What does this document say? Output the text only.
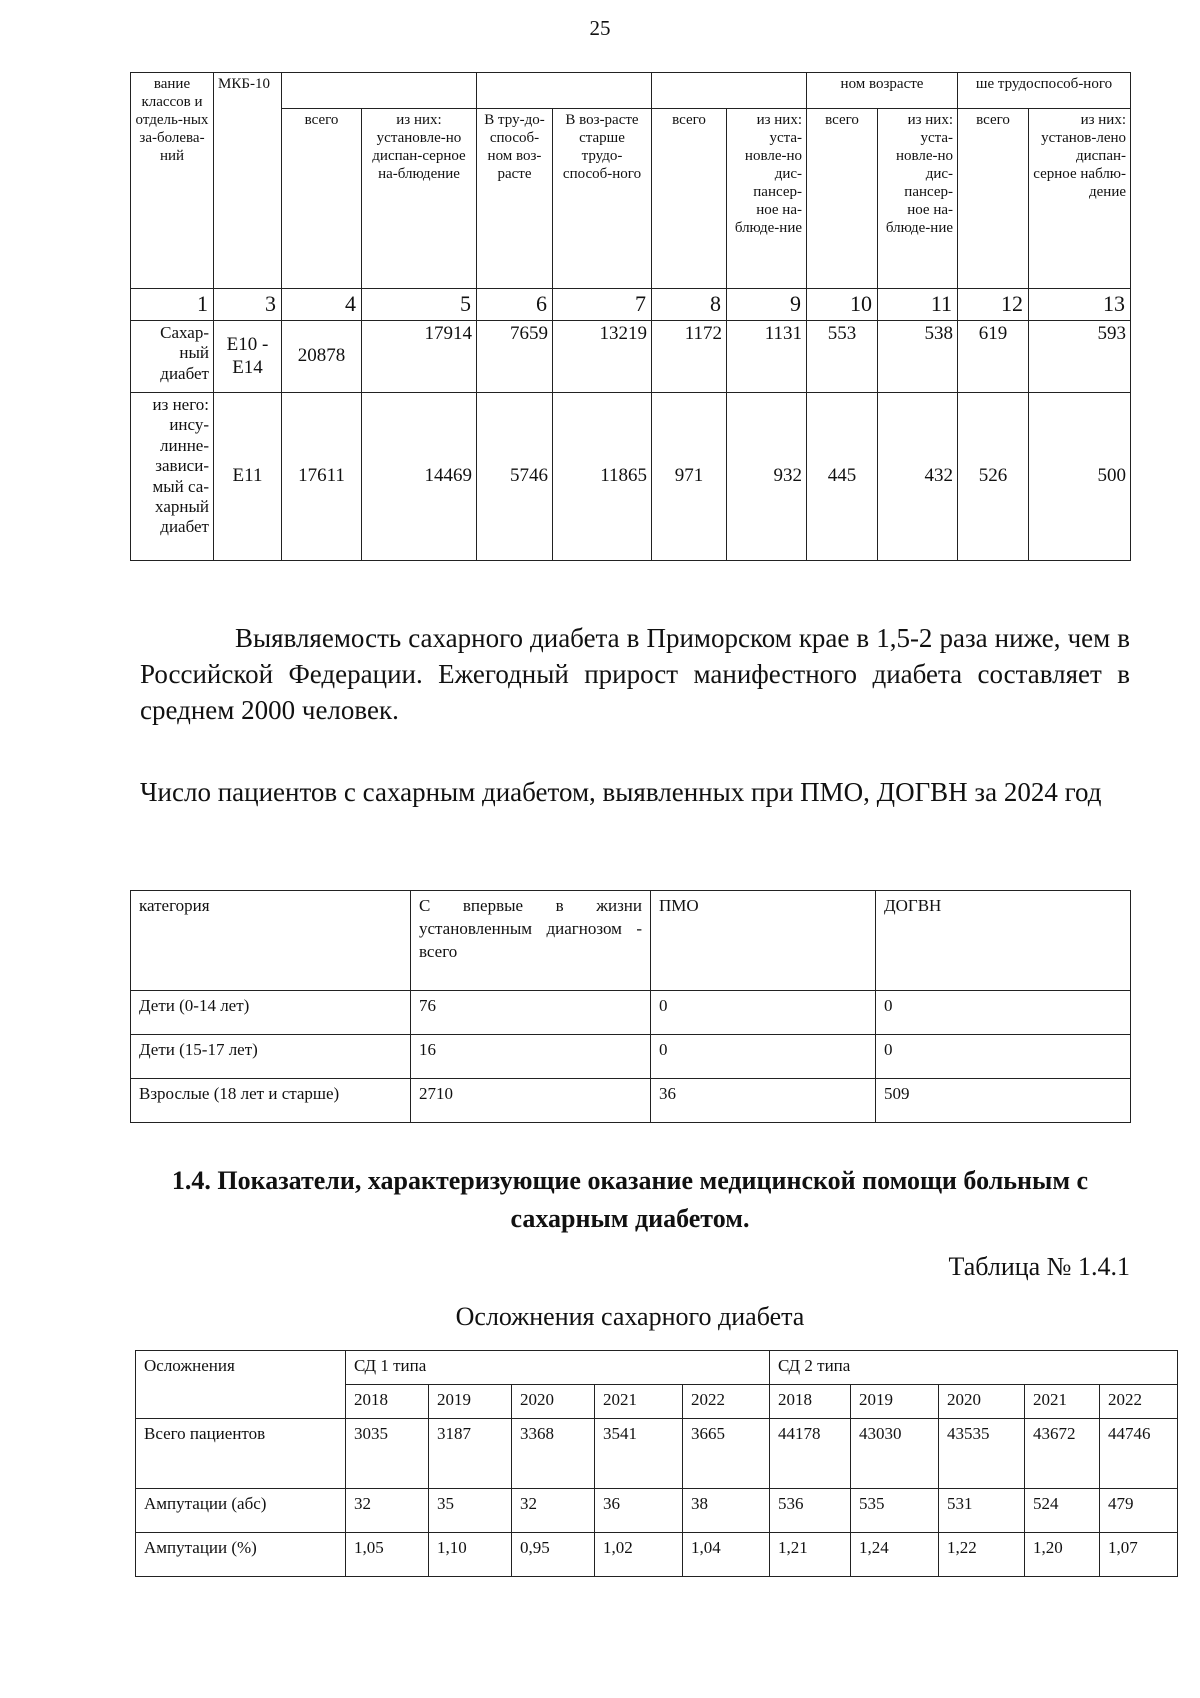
25
вание классов и отдель-ных за-болева-ний	МКБ-10							ном возрасте		ше трудоспособ-ного	
		всего	из них: установле-но диспан-серное на-блюдение	В тру-до-способ-ном воз-расте	В воз-расте старше трудо-способ-ного	всего	из них: уста-новле-но дис-пансер-ное на-блюде-ние	всего	из них: уста-новле-но дис-пансер-ное на-блюде-ние	всего	из них: установ-лено диспан-серное наблю-дение
1	3	4	5	6	7	8	9	10	11	12	13
Сахар-ный диабет	Е10 - Е14	20878	17914	7659	13219	1172	1131	553	538	619	593
из него: инсу-линне-зависи-мый са-харный диабет	Е11	17611	14469	5746	11865	971	932	445	432	526	500
Выявляемость сахарного диабета в Приморском крае в 1,5-2 раза ниже, чем в Российской Федерации. Ежегодный прирост манифестного диабета составляет в среднем 2000 человек.
Число пациентов с сахарным диабетом, выявленных при ПМО, ДОГВН за 2024 год
категория	С впервые в жизни установленным диагнозом - всего	ПМО	ДОГВН
Дети (0-14 лет)	76	0	0
Дети (15-17 лет)	16	0	0
Взрослые (18 лет и старше)	2710	36	509
1.4. Показатели, характеризующие оказание медицинской помощи больным с сахарным диабетом.
Таблица № 1.4.1
Осложнения сахарного диабета
Осложнения	СД 1 типа					СД 2 типа				
	2018	2019	2020	2021	2022	2018	2019	2020	2021	2022
Всего пациентов	3035	3187	3368	3541	3665	44178	43030	43535	43672	44746
Ампутации (абс)	32	35	32	36	38	536	535	531	524	479
Ампутации (%)	1,05	1,10	0,95	1,02	1,04	1,21	1,24	1,22	1,20	1,07
